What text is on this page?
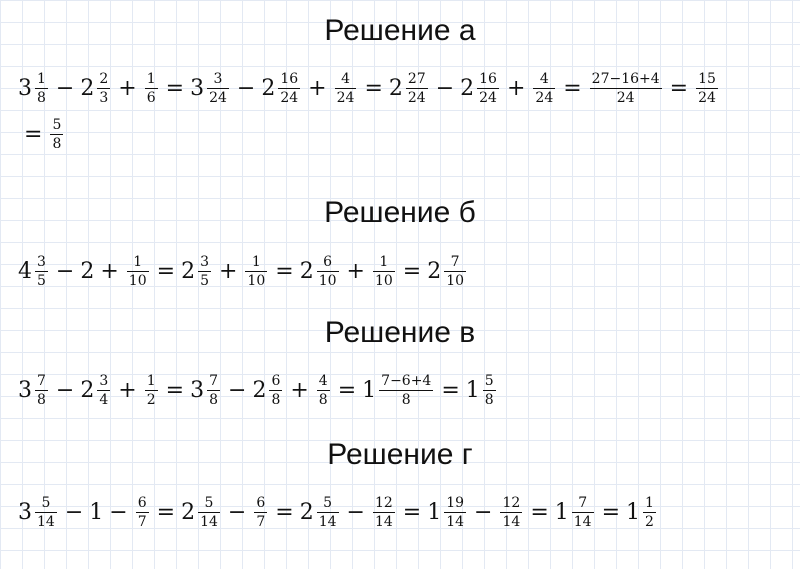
Решение а
$3 \frac{1}{8} - 2 \frac{2}{3} + \frac{1}{6} = 3 \frac{3}{24} - 2 \frac{16}{24} + \frac{4}{24} = 2 \frac{27}{24} - 2 \frac{16}{24} + \frac{4}{24} = \frac{27-16+4}{24} = \frac{15}{24}$
= $\frac{5}{8}$
Решение б
$4 \frac{3}{5} - 2 + \frac{1}{10} = 2 \frac{3}{5} + \frac{1}{10} = 2 \frac{6}{10} + \frac{1}{10} = 2 \frac{7}{10}$
Решение в
$3 \frac{7}{8} - 2 \frac{3}{4} + \frac{1}{2} = 3 \frac{7}{8} - 2 \frac{6}{8} + \frac{4}{8} = 1 \frac{7-6+4}{8} = 1 \frac{5}{8}$
Решение г
$3 \frac{5}{14} - 1 - \frac{6}{7} = 2 \frac{5}{14} - \frac{6}{7} = 2 \frac{5}{14} - \frac{12}{14} = 1 \frac{19}{14} - \frac{12}{14} = 1 \frac{7}{14} = 1 \frac{1}{2}$
